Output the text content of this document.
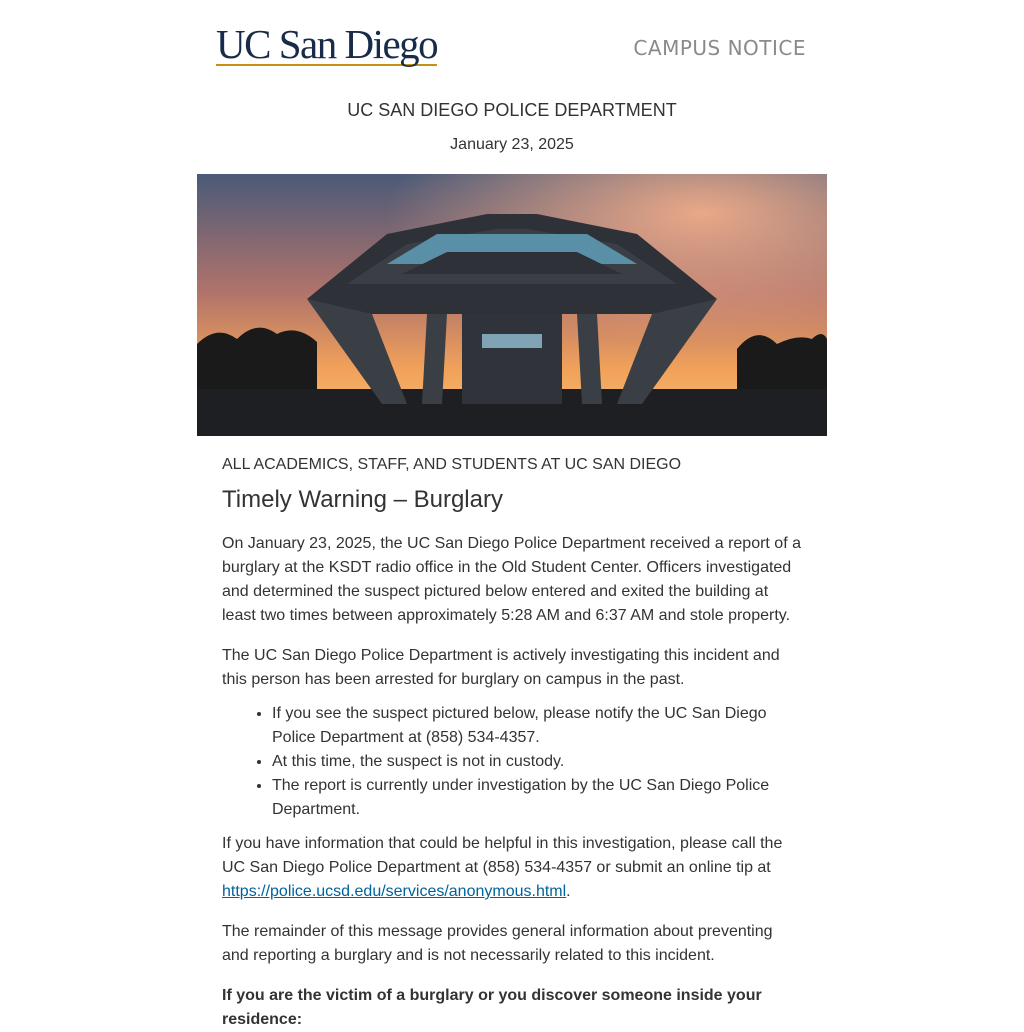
UC San Diego	CAMPUS NOTICE
UC SAN DIEGO POLICE DEPARTMENT
January 23, 2025
ALL ACADEMICS, STAFF, AND STUDENTS AT UC SAN DIEGO
Timely Warning – Burglary

On January 23, 2025, the UC San Diego Police Department received a report of a burglary at the KSDT radio office in the Old Student Center. Officers investigated and determined the suspect pictured below entered and exited the building at least two times between approximately 5:28 AM and 6:37 AM and stole property.

The UC San Diego Police Department is actively investigating this incident and this person has been arrested for burglary on campus in the past.

• If you see the suspect pictured below, please notify the UC San Diego Police Department at (858) 534-4357.
• At this time, the suspect is not in custody.
• The report is currently under investigation by the UC San Diego Police Department.

If you have information that could be helpful in this investigation, please call the UC San Diego Police Department at (858) 534-4357 or submit an online tip at https://police.ucsd.edu/services/anonymous.html.

The remainder of this message provides general information about preventing and reporting a burglary and is not necessarily related to this incident.

If you are the victim of a burglary or you discover someone inside your residence:
